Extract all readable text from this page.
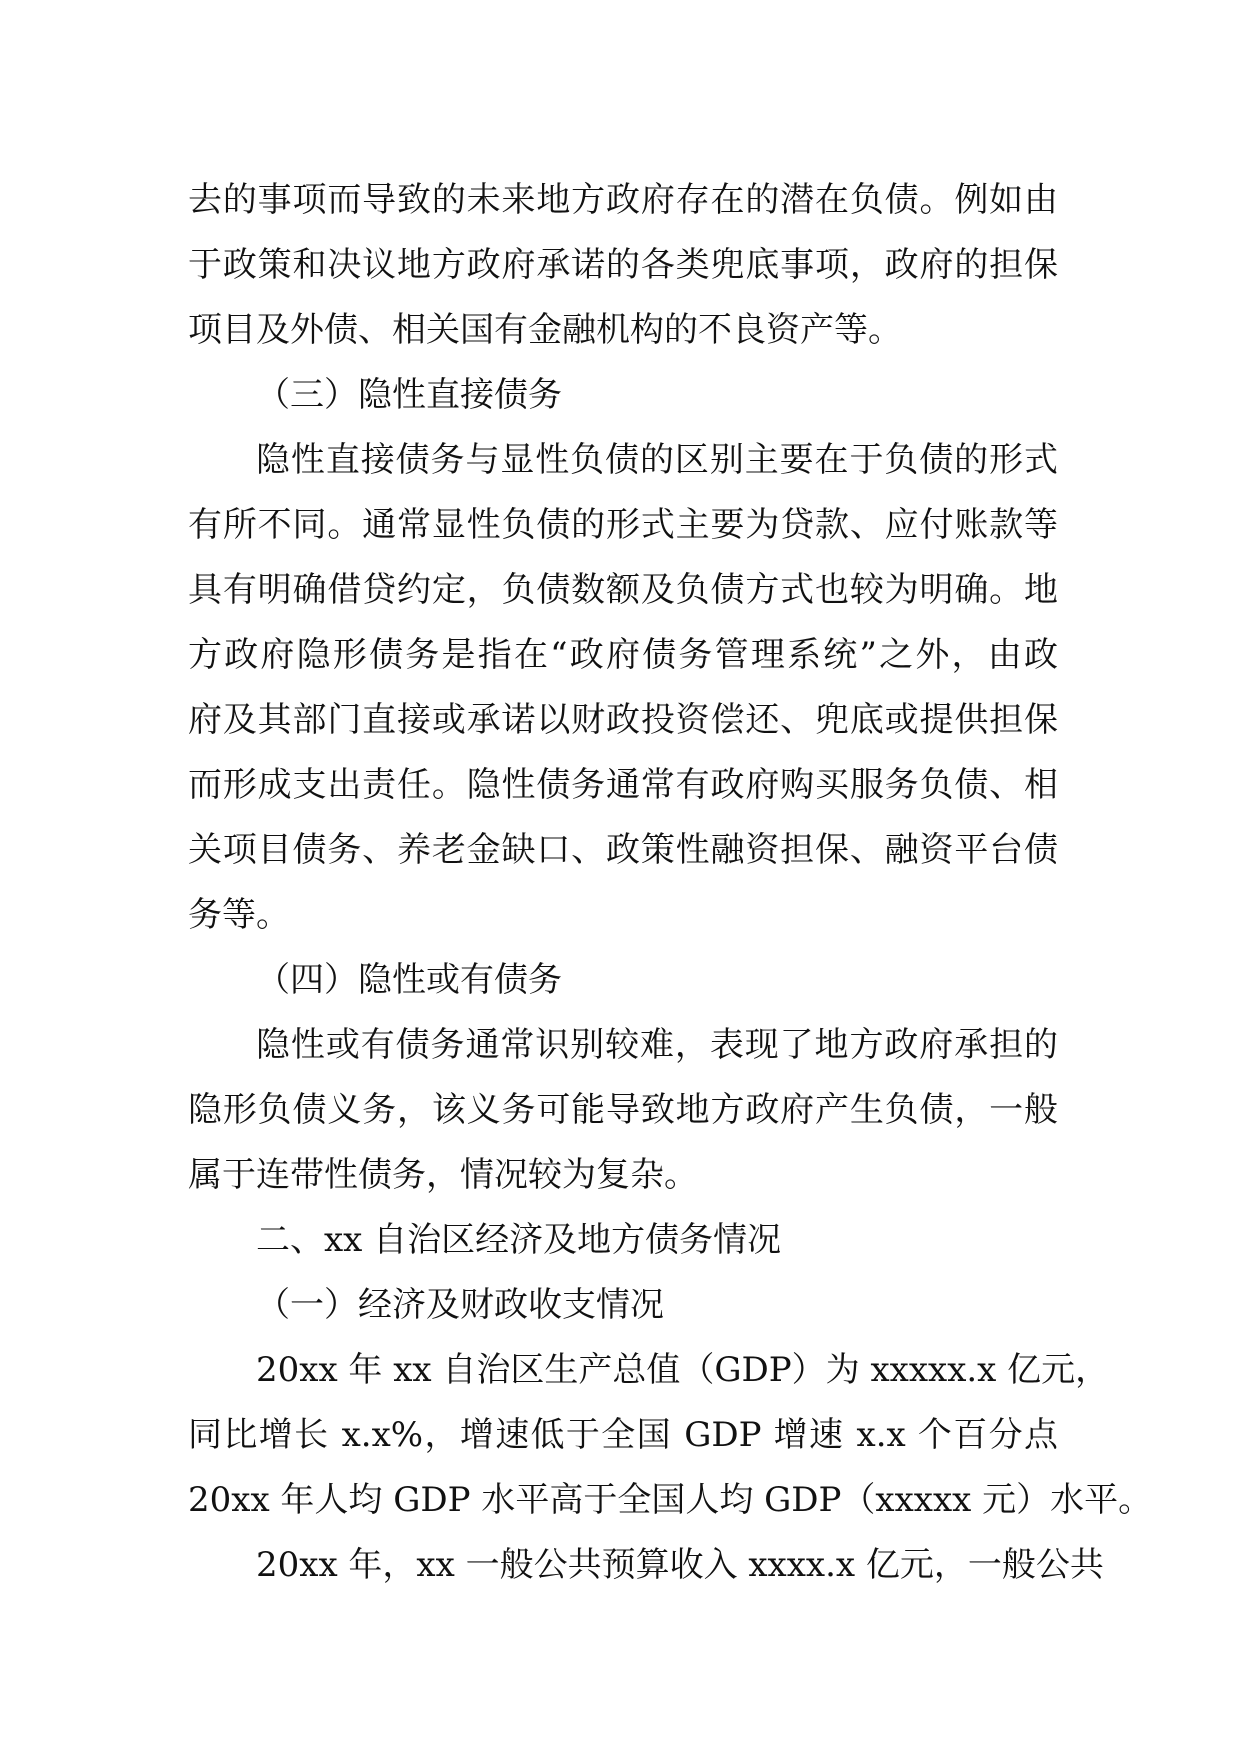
去的事项而导致的未来地方政府存在的潜在负债。例如由
于政策和决议地方政府承诺的各类兜底事项，政府的担保
项目及外债、相关国有金融机构的不良资产等。
（三）隐性直接债务
隐性直接债务与显性负债的区别主要在于负债的形式
有所不同。通常显性负债的形式主要为贷款、应付账款等
具有明确借贷约定，负债数额及负债方式也较为明确。地
方政府隐形债务是指在“政府债务管理系统”之外，由政
府及其部门直接或承诺以财政投资偿还、兜底或提供担保
而形成支出责任。隐性债务通常有政府购买服务负债、相
关项目债务、养老金缺口、政策性融资担保、融资平台债
务等。
（四）隐性或有债务
隐性或有债务通常识别较难，表现了地方政府承担的
隐形负债义务，该义务可能导致地方政府产生负债，一般
属于连带性债务，情况较为复杂。
二、xx 自治区经济及地方债务情况
（一）经济及财政收支情况
20xx 年 xx 自治区生产总值（GDP）为 xxxxx.x 亿元，
同比增长 x.x%，增速低于全国 GDP 增速 x.x 个百分点
20xx 年人均 GDP 水平高于全国人均 GDP（xxxxx 元）水平。
20xx 年，xx 一般公共预算收入 xxxx.x 亿元，一般公共
